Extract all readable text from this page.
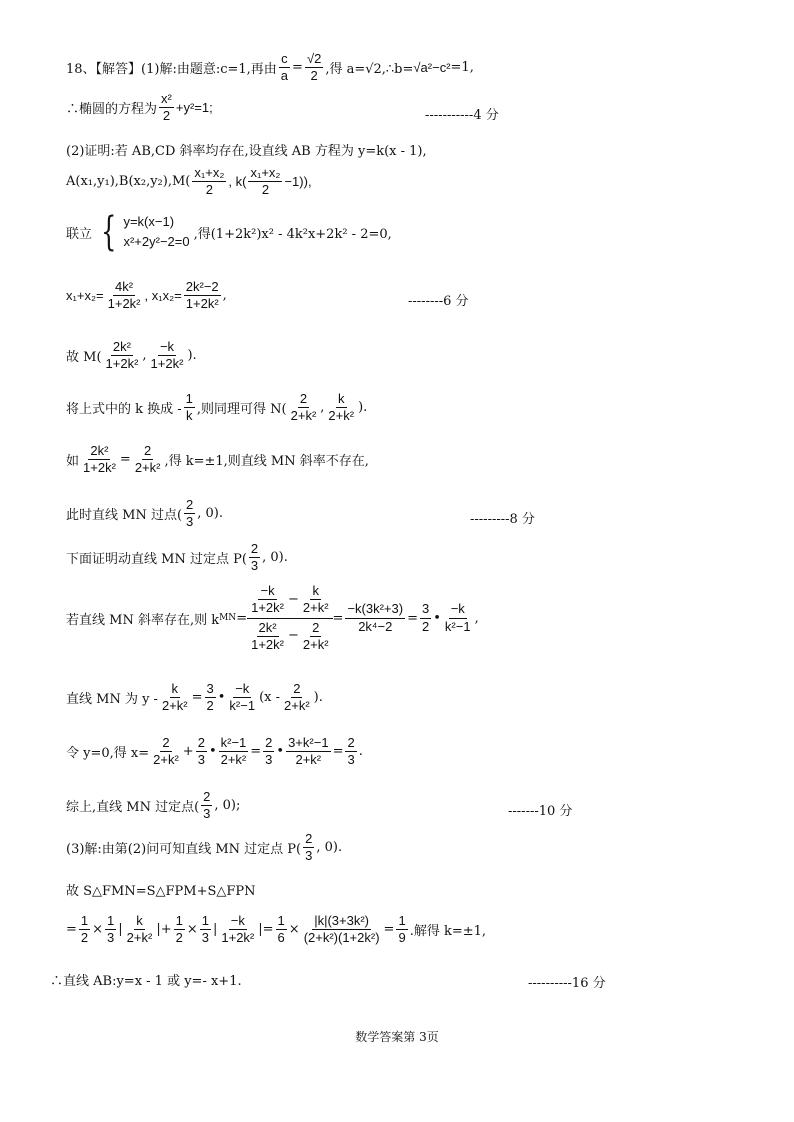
18、【解答】(1)解:由题意: c=1,再由 $\frac{c}{a} = \frac{√2}{2}$ ,得 a=√2,∴b= √a²−c² =1,
∴椭圆的方程为 $\frac{\text{x²}}{2} +y^2=1$;
-----------4 分
(2)证明:若 AB,CD 斜率均存在,设直线 AB 方程为 y=k(x - 1),
$A(x_1,y_1),B(x_2,y_2),M( \frac{\text{x₁+x₂}}{2}$ , $k( \frac{\text{x₁+x₂}}{2} -1)$),
联立 { y=k(x−1)
x²+2y²−2=0 ,得(1+2k²)x² - 4k²x+2k² - 2=0,
$x_1+x_2= \frac{\text{4k²}}{\text{1+2k²}}$ , $x_1x_2= \frac{\text{2k²−2}}{\text{1+2k²}}$ ,	--------6 分
故 $M( \frac{\text{2k²}}{\text{1+2k²}}$ , $\frac{-k}{\text{1+2k²}}$ ).
将上式中的 k 换成 - $\frac{1}{k}$ ,则同理可得 $N( \frac{2}{\text{2+k²}}$ , $\frac{k}{\text{2+k²}}$ ).
如 $\frac{\text{2k²}}{\text{1+2k²}} = \frac{2}{\text{2+k²}}$ ,得 k=±1,则直线 MN 斜率不存在,
此时直线 MN 过点( $\frac{2}{3}$ , 0).	---------8 分
下面证明动直线 MN 过定点 $P( \frac{2}{3}$ , 0).
若直线 MN 斜率存在,则 k MN =
$\frac{-k}{\text{1+2k²}} - \frac{k}{\text{2+k²}}$
$\frac{\text{2k²}}{\text{1+2k²}} - \frac{2}{\text{2+k²}}$
= $\frac{\text{−k(3k²+3)}}{\text{2k⁴−2}} = \frac{3}{2}$ • $\frac{-k}{\text{k²−1}}$ ,
直线 MN 为 $y - \frac{k}{\text{2+k²}} = \frac{3}{2}$ • $\frac{-k}{\text{k²−1}} (x - \frac{2}{\text{2+k²}}$ ).
令 y=0,得 $x= \frac{2}{\text{2+k²}} + \frac{2}{3}$ • $\frac{\text{k²−1}}{\text{2+k²}} = \frac{2}{3}$ • $\frac{\text{3+k²−1}}{\text{2+k²}} = \frac{2}{3}$ .
综上,直线 MN 过定点( $\frac{2}{3}$ , 0);	-------10 分
(3)解:由第(2)问可知直线 MN 过定点 $P( \frac{2}{3}$ , 0).
故 S△FMN=S△FPM+S△FPN
= $\frac{1}{2} \times \frac{1}{3}$ | $\frac{k}{\text{2+k²}}$ |+ $\frac{1}{2} \times \frac{1}{3}$ | $\frac{-k}{\text{1+2k²}}$ |= $\frac{1}{6} \times \frac{\text{|k|(3+3k²)}}{\text{(2+k²)(1+2k²)}} = \frac{1}{9}$ .解得 k=±1,
∴直线 AB:y=x - 1 或 y=- x+1.	----------16 分
数学答案第 3页
